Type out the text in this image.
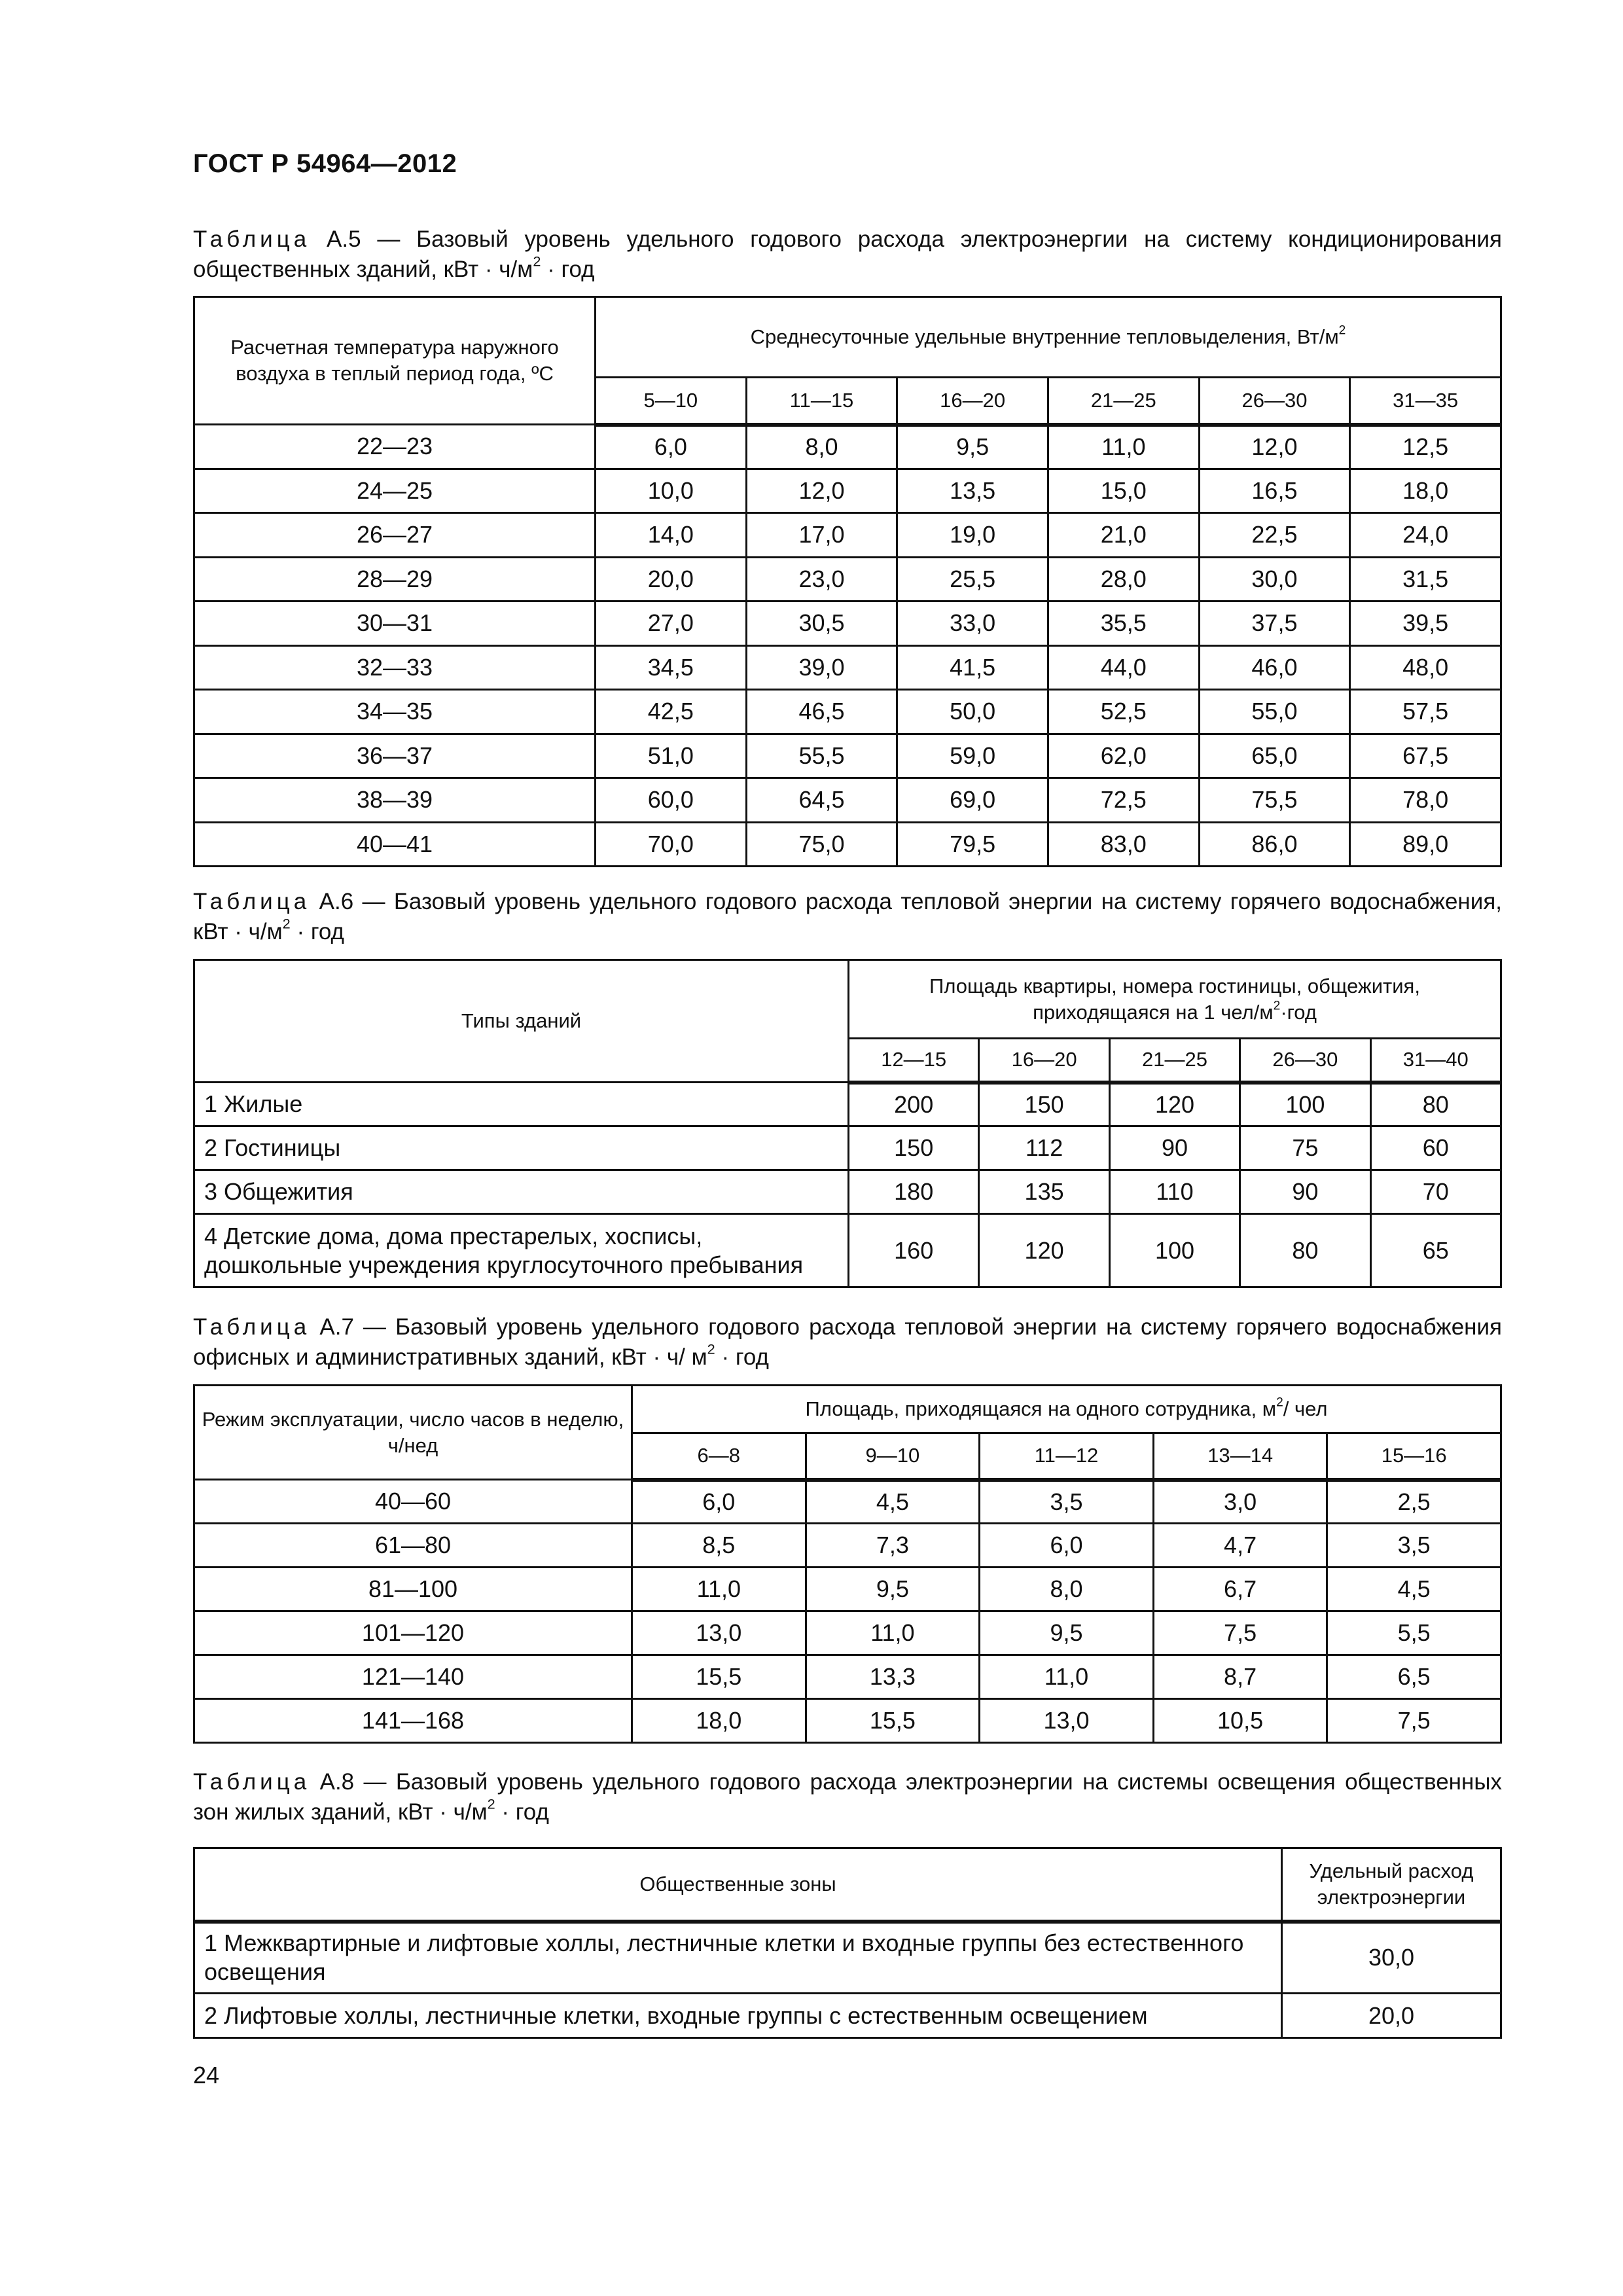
ГОСТ Р 54964—2012
Таблица А.5 — Базовый уровень удельного годового расхода электроэнергии на систему кондиционирования общественных зданий, кВт · $ч/м^2$ · год
Расчетная температура наружного воздуха в теплый период года, ºС	Среднесуточные удельные внутренние тепловыделения, $Вт/м^2$
	5—10	11—15	16—20	21—25	26—30	31—35
22—23	6,0	8,0	9,5	11,0	12,0	12,5
24—25	10,0	12,0	13,5	15,0	16,5	18,0
26—27	14,0	17,0	19,0	21,0	22,5	24,0
28—29	20,0	23,0	25,5	28,0	30,0	31,5
30—31	27,0	30,5	33,0	35,5	37,5	39,5
32—33	34,5	39,0	41,5	44,0	46,0	48,0
34—35	42,5	46,5	50,0	52,5	55,0	57,5
36—37	51,0	55,5	59,0	62,0	65,0	67,5
38—39	60,0	64,5	69,0	72,5	75,5	78,0
40—41	70,0	75,0	79,5	83,0	86,0	89,0
Таблица А.6 — Базовый уровень удельного годового расхода тепловой энергии на систему горячего водоснабжения, кВт · $ч/м^2$ · год
Типы зданий	Площадь квартиры, номера гостиницы, общежития,
приходящаяся на 1 чел/$м^2\cdot год$				
	12—15	16—20	21—25	26—30	31—40
1 Жилые	200	150	120	100	80
2 Гостиницы	150	112	90	75	60
3 Общежития	180	135	110	90	70
4 Детские дома, дома престарелых, хосписы, дошкольные учреждения круглосуточного пребывания	160	120	100	80	65
Таблица А.7 — Базовый уровень удельного годового расхода тепловой энергии на систему горячего водоснабжения офисных и административных зданий, кВт · ч/ $м^2$ · год
Режим эксплуатации, число часов в неделю, ч/нед	Площадь, приходящаяся на одного сотрудника, $м^2/$ чел				
	6—8	9—10	11—12	13—14	15—16
40—60	6,0	4,5	3,5	3,0	2,5
61—80	8,5	7,3	6,0	4,7	3,5
81—100	11,0	9,5	8,0	6,7	4,5
101—120	13,0	11,0	9,5	7,5	5,5
121—140	15,5	13,3	11,0	8,7	6,5
141—168	18,0	15,5	13,0	10,5	7,5
Таблица А.8 — Базовый уровень удельного годового расхода электроэнергии на системы освещения общественных зон жилых зданий, кВт · $ч/м^2$ · год
Общественные зоны	Удельный расход электроэнергии
1 Межквартирные и лифтовые холлы, лестничные клетки и входные группы без естественного освещения	30,0
2 Лифтовые холлы, лестничные клетки, входные группы с естественным освещением	20,0
24
